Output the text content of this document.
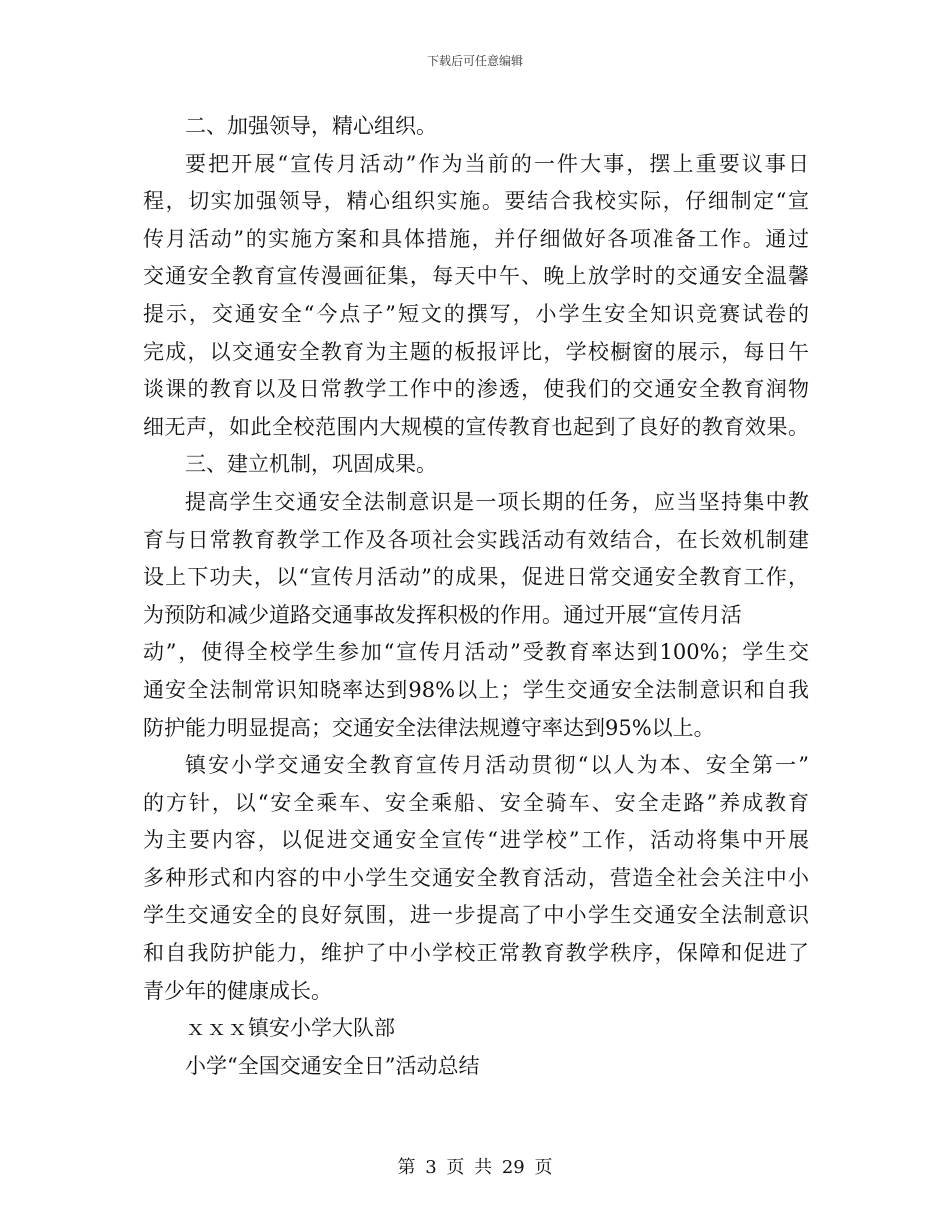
下载后可任意编辑
二、加强领导，精心组织。
要把开展“宣传月活动”作为当前的一件大事，摆上重要议事日
程，切实加强领导，精心组织实施。要结合我校实际，仔细制定“宣
传月活动”的实施方案和具体措施，并仔细做好各项准备工作。通过
交通安全教育宣传漫画征集，每天中午、晚上放学时的交通安全温馨
提示，交通安全“今点子”短文的撰写，小学生安全知识竞赛试卷的
完成，以交通安全教育为主题的板报评比，学校橱窗的展示，每日午
谈课的教育以及日常教学工作中的渗透，使我们的交通安全教育润物
细无声，如此全校范围内大规模的宣传教育也起到了良好的教育效果。
三、建立机制，巩固成果。
提高学生交通安全法制意识是一项长期的任务，应当坚持集中教
育与日常教育教学工作及各项社会实践活动有效结合，在长效机制建
设上下功夫，以“宣传月活动”的成果，促进日常交通安全教育工作，
为预防和减少道路交通事故发挥积极的作用。通过开展“宣传月活
动”，使得全校学生参加“宣传月活动”受教育率达到100%；学生交
通安全法制常识知晓率达到98%以上；学生交通安全法制意识和自我
防护能力明显提高；交通安全法律法规遵守率达到95%以上。
镇安小学交通安全教育宣传月活动贯彻“以人为本、安全第一”
的方针，以“安全乘车、安全乘船、安全骑车、安全走路”养成教育
为主要内容，以促进交通安全宣传“进学校”工作，活动将集中开展
多种形式和内容的中小学生交通安全教育活动，营造全社会关注中小
学生交通安全的良好氛围，进一步提高了中小学生交通安全法制意识
和自我防护能力，维护了中小学校正常教育教学秩序，保障和促进了
青少年的健康成长。
ｘｘｘ镇安小学大队部
小学“全国交通安全日”活动总结
第 3 页 共 29 页
